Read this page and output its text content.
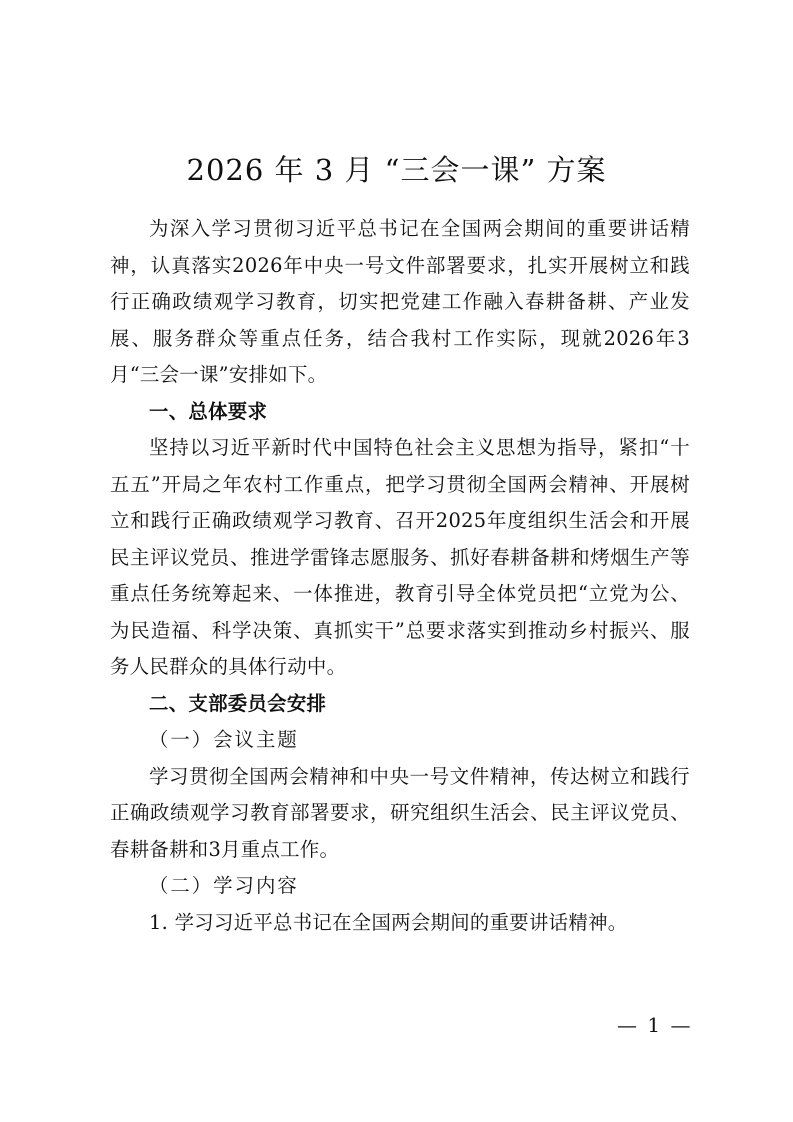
2026 年 3 月 “三会一课” 方案

为深入学习贯彻习近平总书记在全国两会期间的重要讲话精神，认真落实2026年中央一号文件部署要求，扎实开展树立和践行正确政绩观学习教育，切实把党建工作融入春耕备耕、产业发展、服务群众等重点任务，结合我村工作实际，现就2026年3月“三会一课”安排如下。

一、总体要求

坚持以习近平新时代中国特色社会主义思想为指导，紧扣“十五五”开局之年农村工作重点，把学习贯彻全国两会精神、开展树立和践行正确政绩观学习教育、召开2025年度组织生活会和开展民主评议党员、推进学雷锋志愿服务、抓好春耕备耕和烤烟生产等重点任务统筹起来、一体推进，教育引导全体党员把“立党为公、为民造福、科学决策、真抓实干”总要求落实到推动乡村振兴、服务人民群众的具体行动中。

二、支部委员会安排

（一）会议主题

学习贯彻全国两会精神和中央一号文件精神，传达树立和践行正确政绩观学习教育部署要求，研究组织生活会、民主评议党员、春耕备耕和3月重点工作。

（二）学习内容

1. 学习习近平总书记在全国两会期间的重要讲话精神。

— 1 —
